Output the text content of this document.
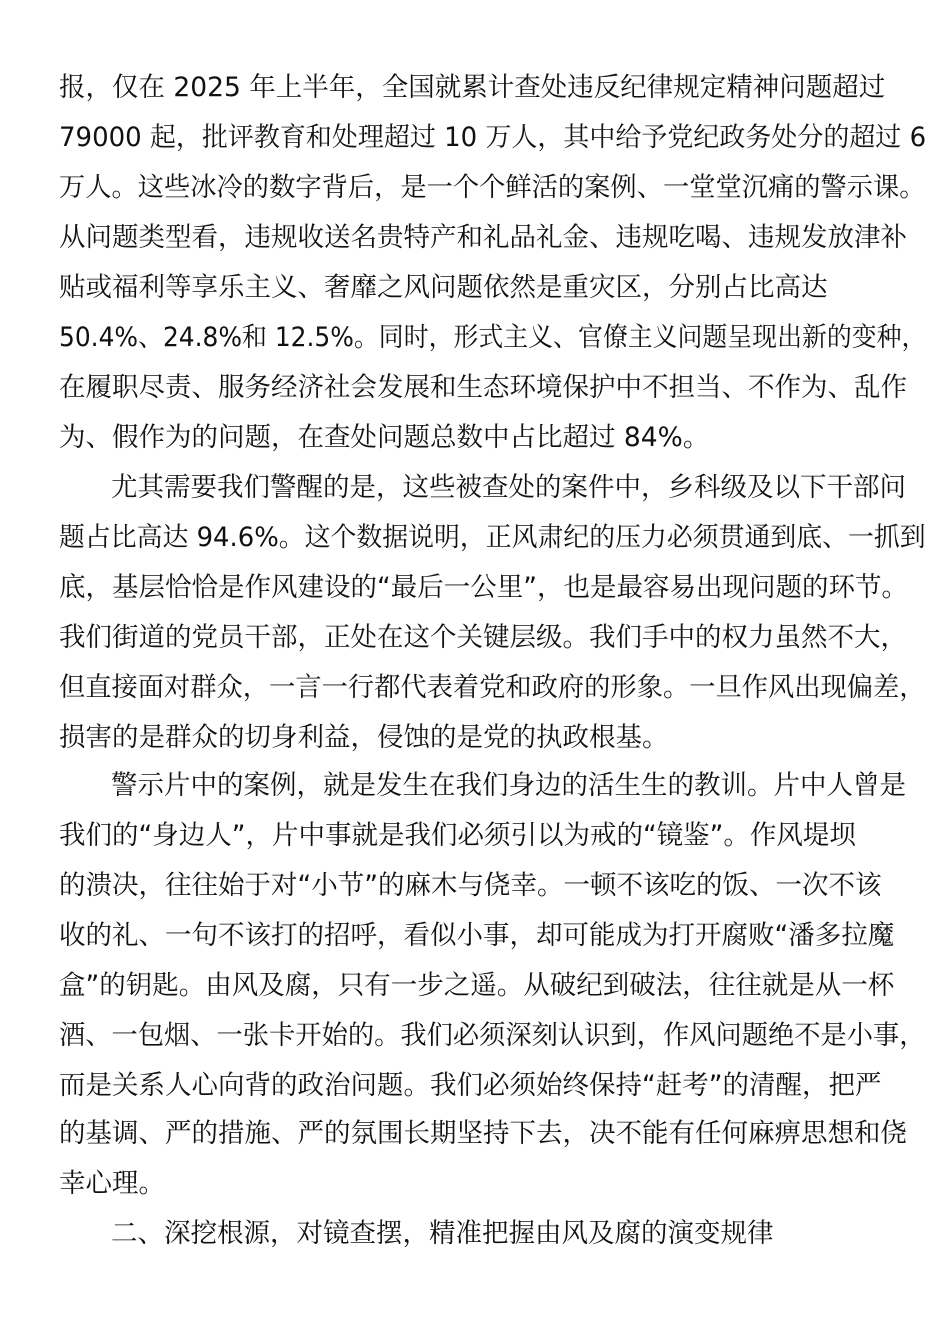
报，仅在 2025 年上半年，全国就累计查处违反纪律规定精神问题超过
79000 起，批评教育和处理超过 10 万人，其中给予党纪政务处分的超过 6
万人。这些冰冷的数字背后，是一个个鲜活的案例、一堂堂沉痛的警示课。
从问题类型看，违规收送名贵特产和礼品礼金、违规吃喝、违规发放津补
贴或福利等享乐主义、奢靡之风问题依然是重灾区，分别占比高达
50.4%、24.8%和 12.5%。同时，形式主义、官僚主义问题呈现出新的变种，
在履职尽责、服务经济社会发展和生态环境保护中不担当、不作为、乱作
为、假作为的问题，在查处问题总数中占比超过 84%。
尤其需要我们警醒的是，这些被查处的案件中，乡科级及以下干部问
题占比高达 94.6%。这个数据说明，正风肃纪的压力必须贯通到底、一抓到
底，基层恰恰是作风建设的“最后一公里”，也是最容易出现问题的环节。
我们街道的党员干部，正处在这个关键层级。我们手中的权力虽然不大，
但直接面对群众，一言一行都代表着党和政府的形象。一旦作风出现偏差，
损害的是群众的切身利益，侵蚀的是党的执政根基。
警示片中的案例，就是发生在我们身边的活生生的教训。片中人曾是
我们的“身边人”，片中事就是我们必须引以为戒的“镜鉴”。作风堤坝
的溃决，往往始于对“小节”的麻木与侥幸。一顿不该吃的饭、一次不该
收的礼、一句不该打的招呼，看似小事，却可能成为打开腐败“潘多拉魔
盒”的钥匙。由风及腐，只有一步之遥。从破纪到破法，往往就是从一杯
酒、一包烟、一张卡开始的。我们必须深刻认识到，作风问题绝不是小事，
而是关系人心向背的政治问题。我们必须始终保持“赶考”的清醒，把严
的基调、严的措施、严的氛围长期坚持下去，决不能有任何麻痹思想和侥
幸心理。
二、深挖根源，对镜查摆，精准把握由风及腐的演变规律
